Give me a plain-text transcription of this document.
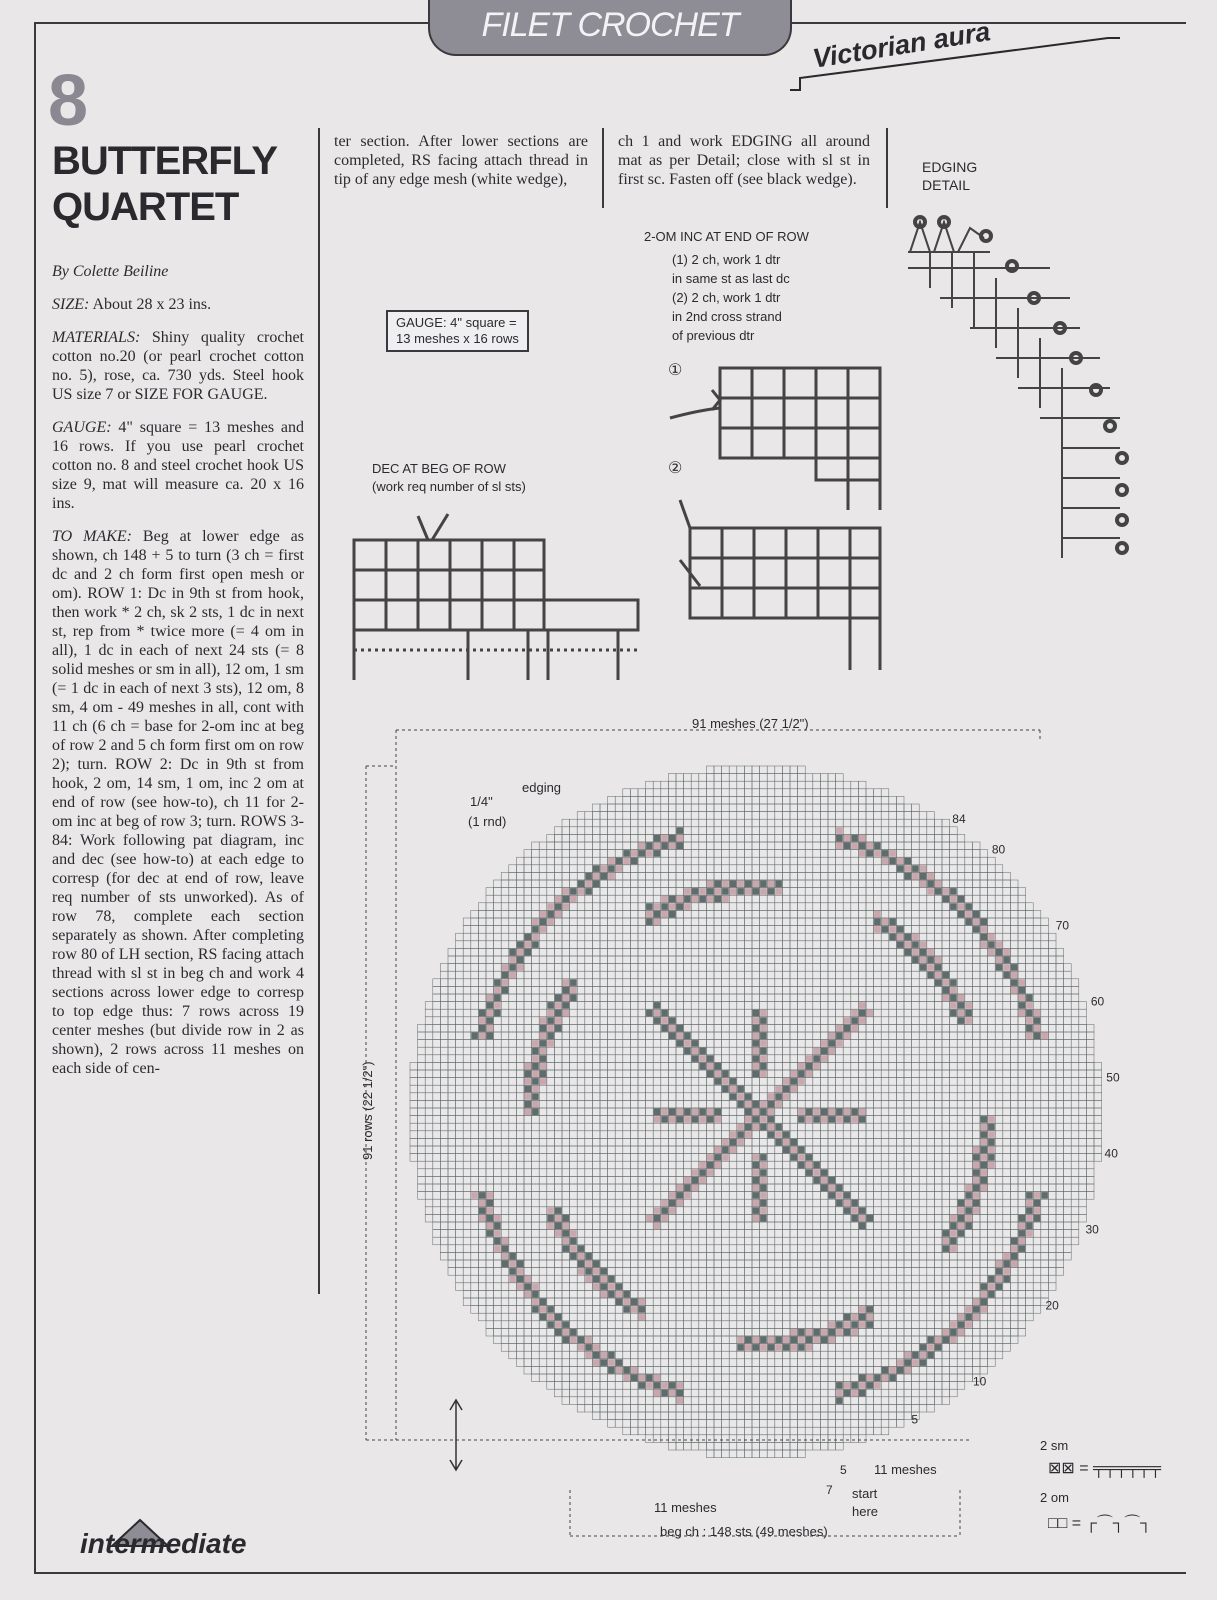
FILET CROCHET	Victorian aura
8
BUTTERFLY
QUARTET

By Colette Beiline

SIZE: About 28 x 23 ins.

MATERIALS: Shiny quality crochet cotton no.20 (or pearl crochet cotton no. 5), rose, ca. 730 yds. Steel hook US size 7 or SIZE FOR GAUGE.

GAUGE: 4" square = 13 meshes and 16 rows. If you use pearl crochet cotton no. 8 and steel crochet hook US size 9, mat will measure ca. 20 x 16 ins.

TO MAKE: Beg at lower edge as shown, ch 148 + 5 to turn (3 ch = first dc and 2 ch form first open mesh or om). ROW 1: Dc in 9th st from hook, then work * 2 ch, sk 2 sts, 1 dc in next st, rep from * twice more (= 4 om in all), 1 dc in each of next 24 sts (= 8 solid meshes or sm in all), 12 om, 1 sm (= 1 dc in each of next 3 sts), 12 om, 8 sm, 4 om - 49 meshes in all, cont with 11 ch (6 ch = base for 2-om inc at beg of row 2 and 5 ch form first om on row 2); turn. ROW 2: Dc in 9th st from hook, 2 om, 14 sm, 1 om, inc 2 om at end of row (see how-to), ch 11 for 2-om inc at beg of row 3; turn. ROWS 3-84: Work following pat diagram, inc and dec (see how-to) at each edge to corresp (for dec at end of row, leave req number of sts unworked). As of row 78, complete each section separately as shown. After completing row 80 of LH section, RS facing attach thread with sl st in beg ch and work 4 sections across lower edge to corresp to top edge thus: 7 rows across 19 center meshes (but divide row in 2 as shown), 2 rows across 11 meshes on each side of cen-

ter section. After lower sections are completed, RS facing attach thread in tip of any edge mesh (white wedge),
ch 1 and work EDGING all around mat as per Detail; close with sl st in first sc. Fasten off (see black wedge).
GAUGE: 4" square =
13 meshes x 16 rows
2-OM INC AT END OF ROW
(1) 2 ch, work 1 dtr
in same st as last dc
(2) 2 ch, work 1 dtr
in 2nd cross strand
of previous dtr
①
②
DEC AT BEG OF ROW
(work req number of sl sts)
EDGING
DETAIL
91 meshes (27 1/2")
91 rows (22 1/2")
beg ch : 148 sts (49 meshes)
edging
1/4"
(1 rnd)
11 meshes
11 meshes
start
here
5
10
20
30
40
50
60
70
80
84
5
7
2 sm
⊠⊠ = ╤╤╤╤╤╤
2 om
□□ = ┌⌒┐⌒┐
intermediate
